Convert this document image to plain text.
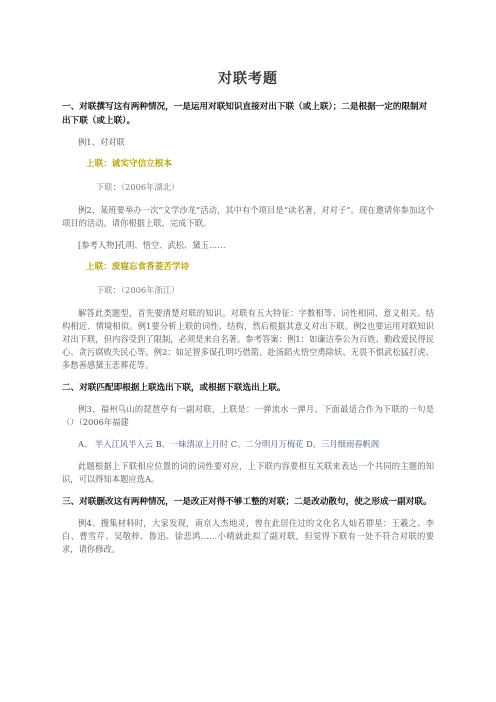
对联考题
一、对联撰写这有两种情况，一是运用对联知识直接对出下联（或上联）；二是根据一定的限制对出下联（或上联）。
例1、对对联
上联：诚实守信立根本
下联：（2006年湖北）
例2、某班要举办一次“文学沙龙”活动，其中有个项目是“读名著，对对子”。现在邀请你参加这个项目的活动。请你根据上联，完成下联。
[参考人物]孔明、悟空、武松、黛玉……
上联：废寝忘食香菱苦学诗
下联：（2006年浙江）
解答此类题型，首先要清楚对联的知识。对联有五大特征：字数相等、词性相同、意义相关、结构相近、情境相似。例1要分析上联的词性、结构，然后根据其意义对出下联。例2也要运用对联知识对出下联，但内容受到了限制，必须是来自名著。参考答案：例1：如廉洁奉公为百姓、勤政爱民得民心、贪污腐败失民心等。例2：如足智多谋孔明巧借箭、赴汤蹈火悟空勇除妖、无畏不惧武松猛打虎、多愁善感黛玉悲葬花等。
二、对联匹配即根据上联选出下联，或根据下联选出上联。
例3、福州乌山的琵琶亭有一副对联，上联是：一弹流水一弹月。下面最适合作为下联的一句是（）（2006年福建
A、 半入江风半入云 B、一味清凉上月时 C、二分明月万梅花 D、三月细雨春帆阁
此题根据上下联相应位置的词的词性要对应，上下联内容要相互关联来表达一个共同的主题的知识，可以得知本题应选A。
三、对联删改这有两种情况，一是改正对得不够工整的对联；二是改动散句，使之形成一副对联。
例4、搜集材料时，大家发现，南京人杰地灵，曾在此居住过的文化名人灿若群星：王羲之、李白、曹雪芹、吴敬梓、鲁迅、徐悲鸿……小晴就此拟了副对联，但觉得下联有一处不符合对联的要求，请你修改。
